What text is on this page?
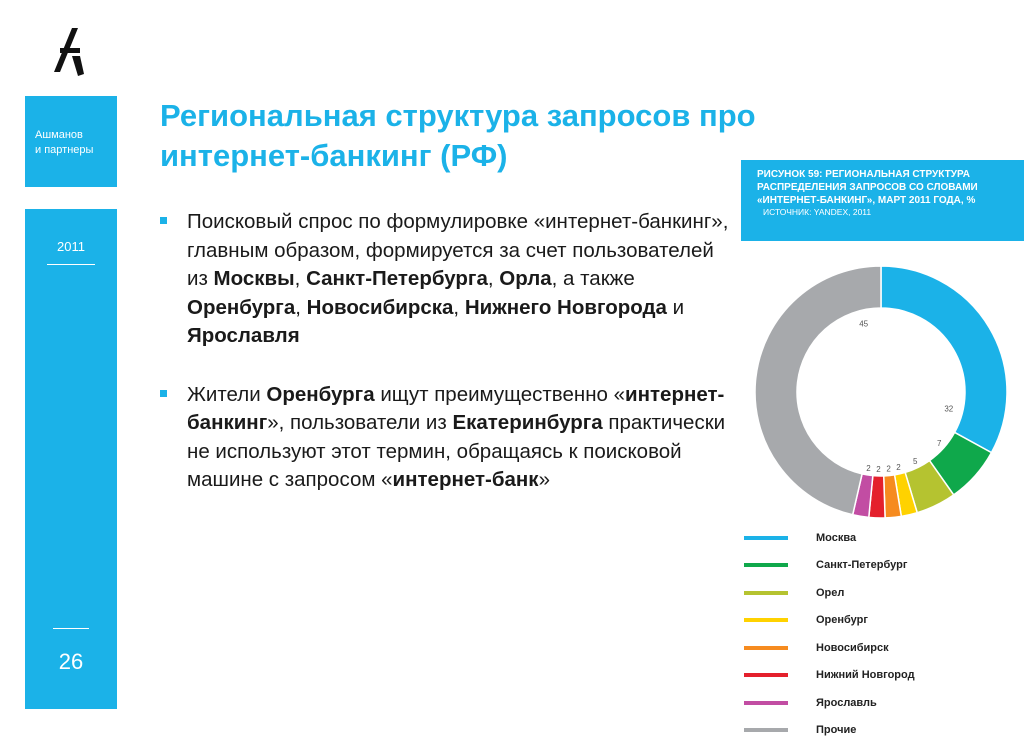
Ашманов
и партнеры
2011
26
Региональная структура запросов про интернет-банкинг (РФ)
Поисковый спрос по формулировке «интернет-банкинг», главным образом, формируется за счет пользователей из Москвы, Санкт-Петербурга, Орла, а также Оренбурга, Новосибирска, Нижнего Новгорода и Ярославля
Жители Оренбурга ищут преимущественно «интернет-банкинг», пользователи из Екатеринбурга практически не используют этот термин, обращаясь к поисковой машине с запросом «интернет-банк»
РИСУНОК 59: РЕГИОНАЛЬНАЯ СТРУКТУРА РАСПРЕДЕЛЕНИЯ ЗАПРОСОВ СО СЛОВАМИ «ИНТЕРНЕТ-БАНКИНГ», МАРТ 2011 ГОДА, %
ИСТОЧНИК: YANDEX, 2011
32
7
5
2
2
2
2
45
Москва
Санкт-Петербург
Орел
Оренбург
Новосибирск
Нижний Новгород
Ярославль
Прочие
